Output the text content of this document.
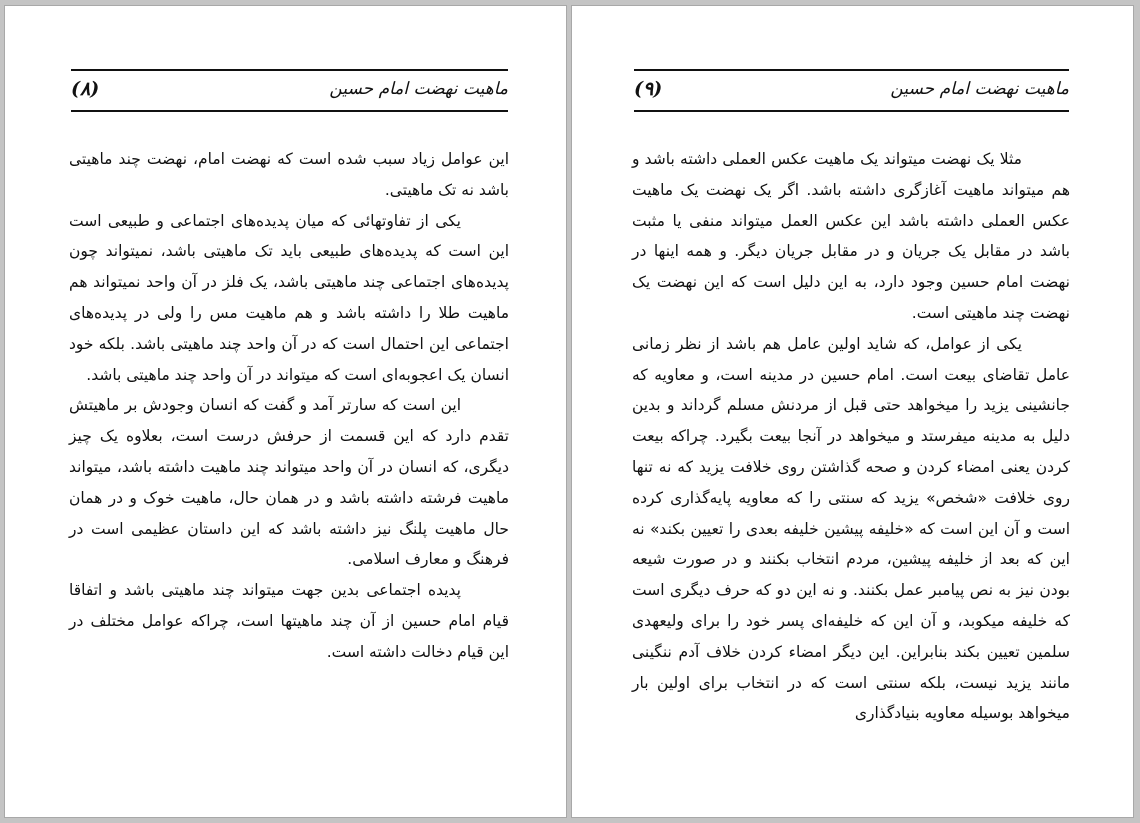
ماهیت نهضت امام حسین
(۸)

این عوامل زیاد سبب شده است که نهضت امام، نهضت چند ماهیتی باشد نه تک ماهیتی.

یکی از تفاوتهائی که میان پدیده‌های اجتماعی و طبیعی است این است که پدیده‌های طبیعی باید تک ماهیتی باشد، نمیتواند چون پدیده‌های اجتماعی چند ماهیتی باشد، یک فلز در آن واحد نمیتواند هم ماهیت طلا را داشته باشد و هم ماهیت مس را ولی در پدیده‌های اجتماعی این احتمال است که در آن واحد چند ماهیتی باشد. بلکه خود انسان یک اعجوبه‌ای است که میتواند در آن واحد چند ماهیتی باشد.

این است که سارتر آمد و گفت که انسان وجودش بر ماهیتش تقدم دارد که این قسمت از حرفش درست است، بعلاوه یک چیز دیگری، که انسان در آن واحد میتواند چند ماهیت داشته باشد، میتواند ماهیت فرشته داشته باشد و در همان حال، ماهیت خوک و در همان حال ماهیت پلنگ نیز داشته باشد که این داستان عظیمی است در فرهنگ و معارف اسلامی.

پدیده اجتماعی بدین جهت میتواند چند ماهیتی باشد و اتفاقا قیام امام حسین از آن چند ماهیتها است، چراکه عوامل مختلف در این قیام دخالت داشته است.

ماهیت نهضت امام حسین
(۹)

مثلا یک نهضت میتواند یک ماهیت عکس العملی داشته باشد و هم میتواند ماهیت آغازگری داشته باشد. اگر یک نهضت یک ماهیت عکس العملی داشته باشد این عکس العمل میتواند منفی یا مثبت باشد در مقابل یک جریان و در مقابل جریان دیگر. و همه اینها در نهضت امام حسین وجود دارد، به این دلیل است که این نهضت یک نهضت چند ماهیتی است.

یکی از عوامل، که شاید اولین عامل هم باشد از نظر زمانی عامل تقاضای بیعت است. امام حسین در مدینه است، و معاویه که جانشینی یزید را میخواهد حتی قبل از مردنش مسلم گرداند و بدین دلیل به مدینه میفرستد و میخواهد در آنجا بیعت بگیرد. چراکه بیعت کردن یعنی امضاء کردن و صحه گذاشتن روی خلافت یزید که نه تنها روی خلافت «شخص» یزید که سنتی را که معاویه پایه‌گذاری کرده است و آن این است که «خلیفه پیشین خلیفه بعدی را تعیین بکند» نه این که بعد از خلیفه پیشین، مردم انتخاب بکنند و در صورت شیعه بودن نیز به نص پیامبر عمل بکنند. و نه این دو که حرف دیگری است که خلیفه میکوبد، و آن این که خلیفه‌ای پسر خود را برای ولیعهدی سلمین تعیین بکند بنابراین. این دیگر امضاء کردن خلاف آدم ننگینی مانند یزید نیست، بلکه سنتی است که در انتخاب برای اولین بار میخواهد بوسیله معاویه بنیادگذاری
